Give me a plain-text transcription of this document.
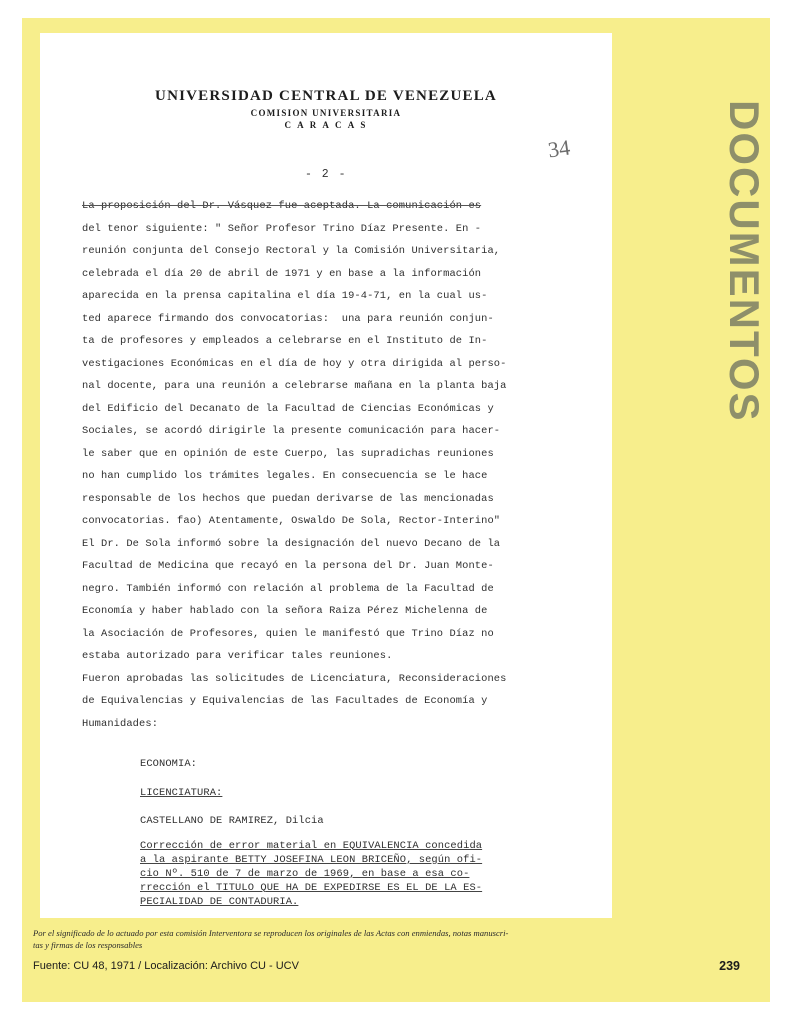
DOCUMENTOS
34
UNIVERSIDAD CENTRAL DE VENEZUELA
COMISION UNIVERSITARIA
C A R A C A S
- 2 -
La proposición del Dr. Vásquez fue aceptada. La comunicación es
del tenor siguiente: " Señor Profesor Trino Díaz Presente. En -
reunión conjunta del Consejo Rectoral y la Comisión Universitaria,
celebrada el día 20 de abril de 1971 y en base a la información
aparecida en la prensa capitalina el día 19-4-71, en la cual us-
ted aparece firmando dos convocatorias:  una para reunión conjun-
ta de profesores y empleados a celebrarse en el Instituto de In-
vestigaciones Económicas en el día de hoy y otra dirigida al perso-
nal docente, para una reunión a celebrarse mañana en la planta baja
del Edificio del Decanato de la Facultad de Ciencias Económicas y
Sociales, se acordó dirigirle la presente comunicación para hacer-
le saber que en opinión de este Cuerpo, las supradichas reuniones
no han cumplido los trámites legales. En consecuencia se le hace
responsable de los hechos que puedan derivarse de las mencionadas
convocatorias. fao) Atentamente, Oswaldo De Sola, Rector-Interino"
El Dr. De Sola informó sobre la designación del nuevo Decano de la
Facultad de Medicina que recayó en la persona del Dr. Juan Monte-
negro. También informó con relación al problema de la Facultad de
Economía y haber hablado con la señora Raiza Pérez Michelenna de
la Asociación de Profesores, quien le manifestó que Trino Díaz no
estaba autorizado para verificar tales reuniones.
Fueron aprobadas las solicitudes de Licenciatura, Reconsideraciones
de Equivalencias y Equivalencias de las Facultades de Economía y
Humanidades:
ECONOMIA:
LICENCIATURA:
CASTELLANO DE RAMIREZ, Dilcia
Corrección de error material en EQUIVALENCIA concedida
a la aspirante BETTY JOSEFINA LEON BRICEÑO, según ofi-
cio Nº. 510 de 7 de marzo de 1969, en base a esa co-
rrección el TITULO QUE HA DE EXPEDIRSE ES EL DE LA ES-
PECIALIDAD DE CONTADURIA.
Por el significado de lo actuado por esta comisión Interventora se reproducen los originales de las Actas con enmiendas, notas manuscri-
tas y firmas de los responsables
Fuente: CU 48, 1971 / Localización: Archivo CU - UCV	239
